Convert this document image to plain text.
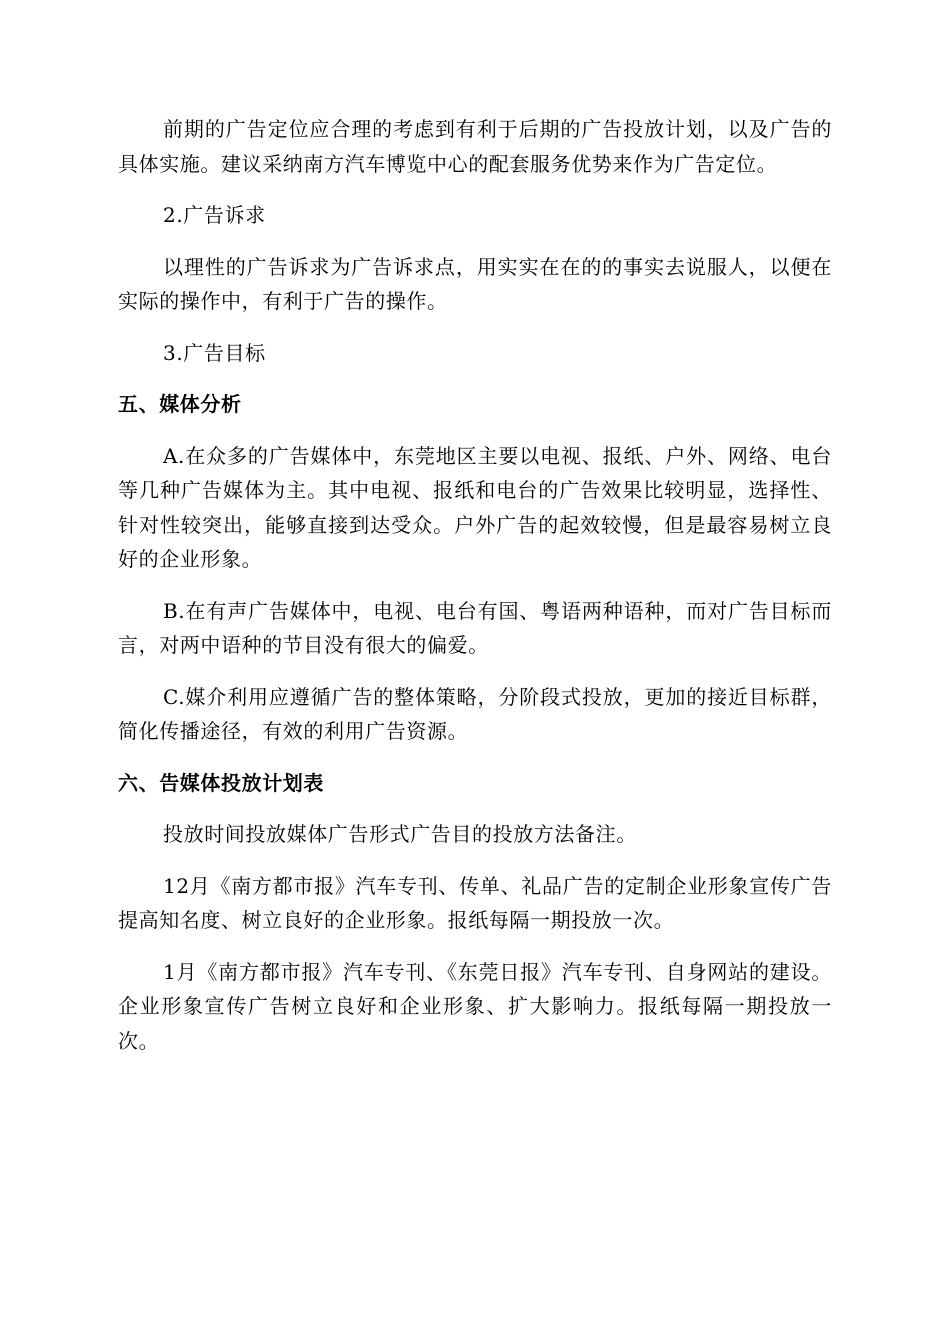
前期的广告定位应合理的考虑到有利于后期的广告投放计划，以及广告的具体实施。建议采纳南方汽车博览中心的配套服务优势来作为广告定位。

2.广告诉求

以理性的广告诉求为广告诉求点，用实实在在的的事实去说服人，以便在实际的操作中，有利于广告的操作。

3.广告目标

五、媒体分析

A.在众多的广告媒体中，东莞地区主要以电视、报纸、户外、网络、电台等几种广告媒体为主。其中电视、报纸和电台的广告效果比较明显，选择性、针对性较突出，能够直接到达受众。户外广告的起效较慢，但是最容易树立良好的企业形象。

B.在有声广告媒体中，电视、电台有国、粤语两种语种，而对广告目标而言，对两中语种的节目没有很大的偏爱。

C.媒介利用应遵循广告的整体策略，分阶段式投放，更加的接近目标群，简化传播途径，有效的利用广告资源。

六、告媒体投放计划表

投放时间投放媒体广告形式广告目的投放方法备注。

12月《南方都市报》汽车专刊、传单、礼品广告的定制企业形象宣传广告提高知名度、树立良好的企业形象。报纸每隔一期投放一次。

1月《南方都市报》汽车专刊、《东莞日报》汽车专刊、自身网站的建设。企业形象宣传广告树立良好和企业形象、扩大影响力。报纸每隔一期投放一次。
